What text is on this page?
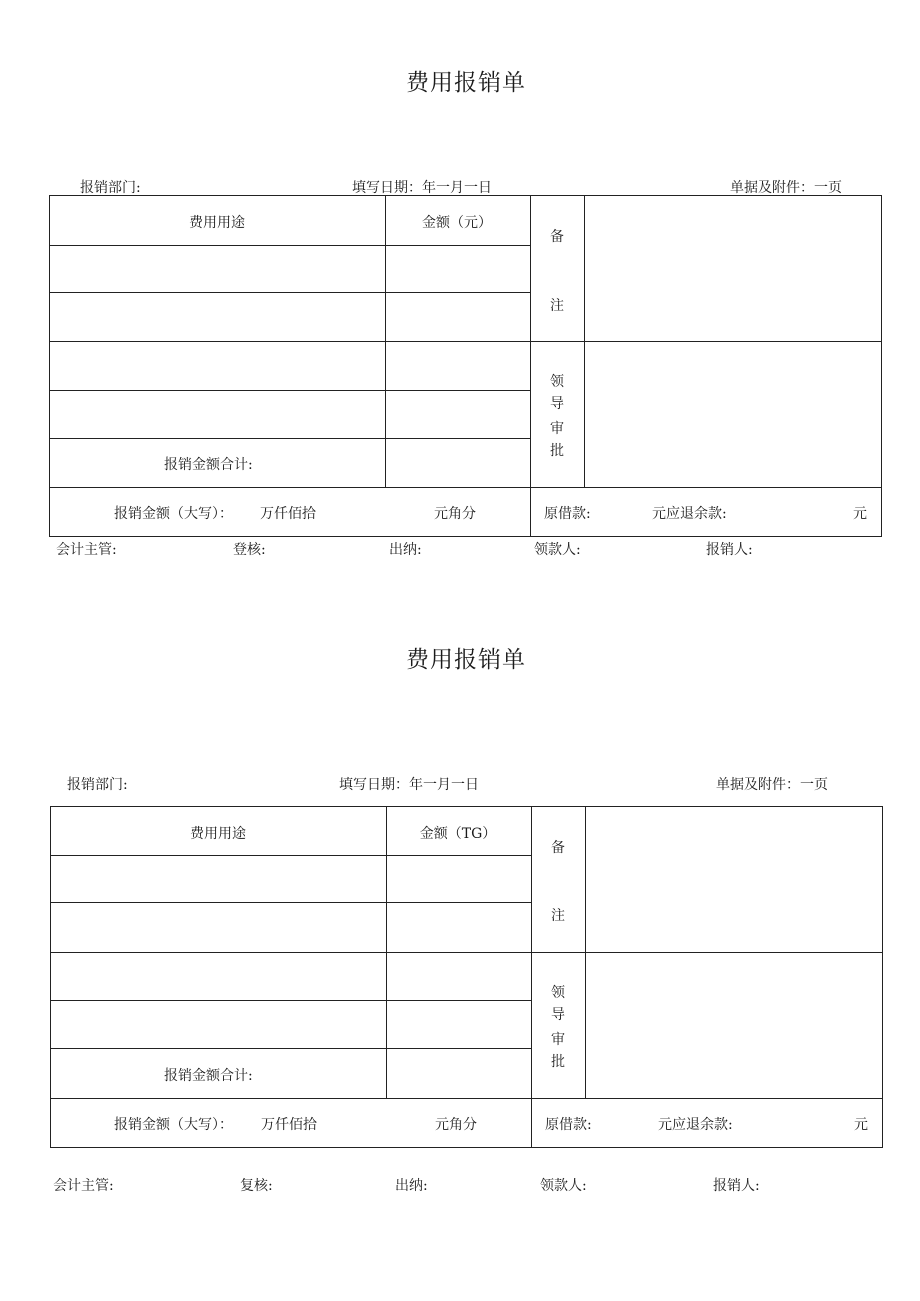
费用报销单
报销部门:	填写日期：年一月一日	单据及附件：一页
费用用途	金额（元）
备
注
领
导
审
批
报销金额合计:
报销金额（大写）： 万仟佰拾	元角分	原借款:	元应退余款:	元
会计主管:	登核:	出纳:	领款人:	报销人:
费用报销单
报销部门:	填写日期：年一月一日	单据及附件：一页
费用用途	金额（TG）
备
注
领
导
审
批
报销金额合计:
报销金额（大写）： 万仟佰拾	元角分	原借款:	元应退余款:	元
会计主管:	复核:	出纳:	领款人:	报销人:
